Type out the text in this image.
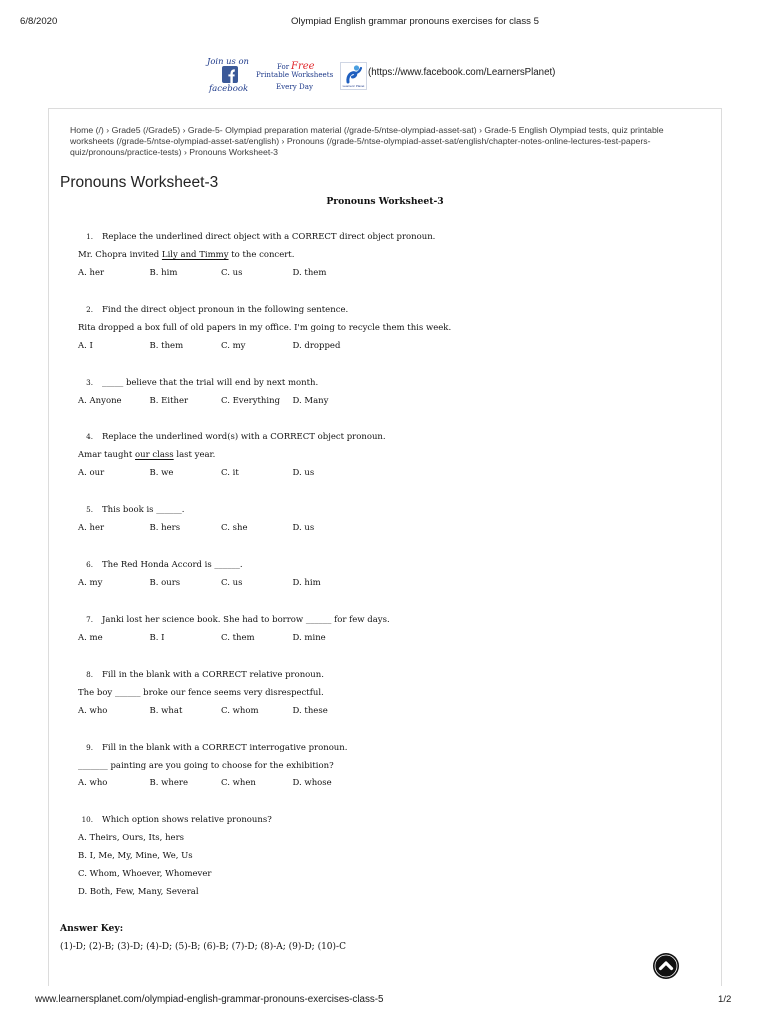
6/8/2020	Olympiad English grammar pronouns exercises for class 5
Join us on
facebook
For Free
Printable Worksheets
Every Day	Learners' Planet
(https://www.facebook.com/LearnersPlanet)
Home (/) › Grade5 (/Grade5) › Grade-5- Olympiad preparation material (/grade-5/ntse-olympiad-asset-sat) › Grade-5 English Olympiad tests, quiz printable worksheets (/grade-5/ntse-olympiad-asset-sat/english) › Pronouns (/grade-5/ntse-olympiad-asset-sat/english/chapter-notes-online-lectures-test-papers-quiz/pronouns/practice-tests) › Pronouns Worksheet-3
Pronouns Worksheet-3
Pronouns Worksheet-3
1. Replace the underlined direct object with a CORRECT direct object pronoun.
Mr. Chopra invited Lily and Timmy to the concert.
A. her	B. him	C. us	D. them
2. Find the direct object pronoun in the following sentence.
Rita dropped a box full of old papers in my office. I'm going to recycle them this week.
A. I	B. them	C. my	D. dropped
3. _____ believe that the trial will end by next month.
A. Anyone	B. Either	C. Everything D. Many
4. Replace the underlined word(s) with a CORRECT object pronoun.
Amar taught our class last year.
A. our	B. we	C. it	D. us
5. This book is ______.
A. her	B. hers	C. she	D. us
6. The Red Honda Accord is ______.
A. my	B. ours	C. us	D. him
7. Janki lost her science book. She had to borrow ______ for few days.
A. me	B. I	C. them	D. mine
8. Fill in the blank with a CORRECT relative pronoun.
The boy ______ broke our fence seems very disrespectful.
A. who	B. what	C. whom	D. these
9. Fill in the blank with a CORRECT interrogative pronoun.
_______ painting are you going to choose for the exhibition?
A. who	B. where	C. when	D. whose
10. Which option shows relative pronouns?
A. Theirs, Ours, Its, hers
B. I, Me, My, Mine, We, Us
C. Whom, Whoever, Whomever
D. Both, Few, Many, Several
Answer Key:
(1)-D; (2)-B; (3)-D; (4)-D; (5)-B; (6)-B; (7)-D; (8)-A; (9)-D; (10)-C
www.learnersplanet.com/olympiad-english-grammar-pronouns-exercises-class-5	1/2
